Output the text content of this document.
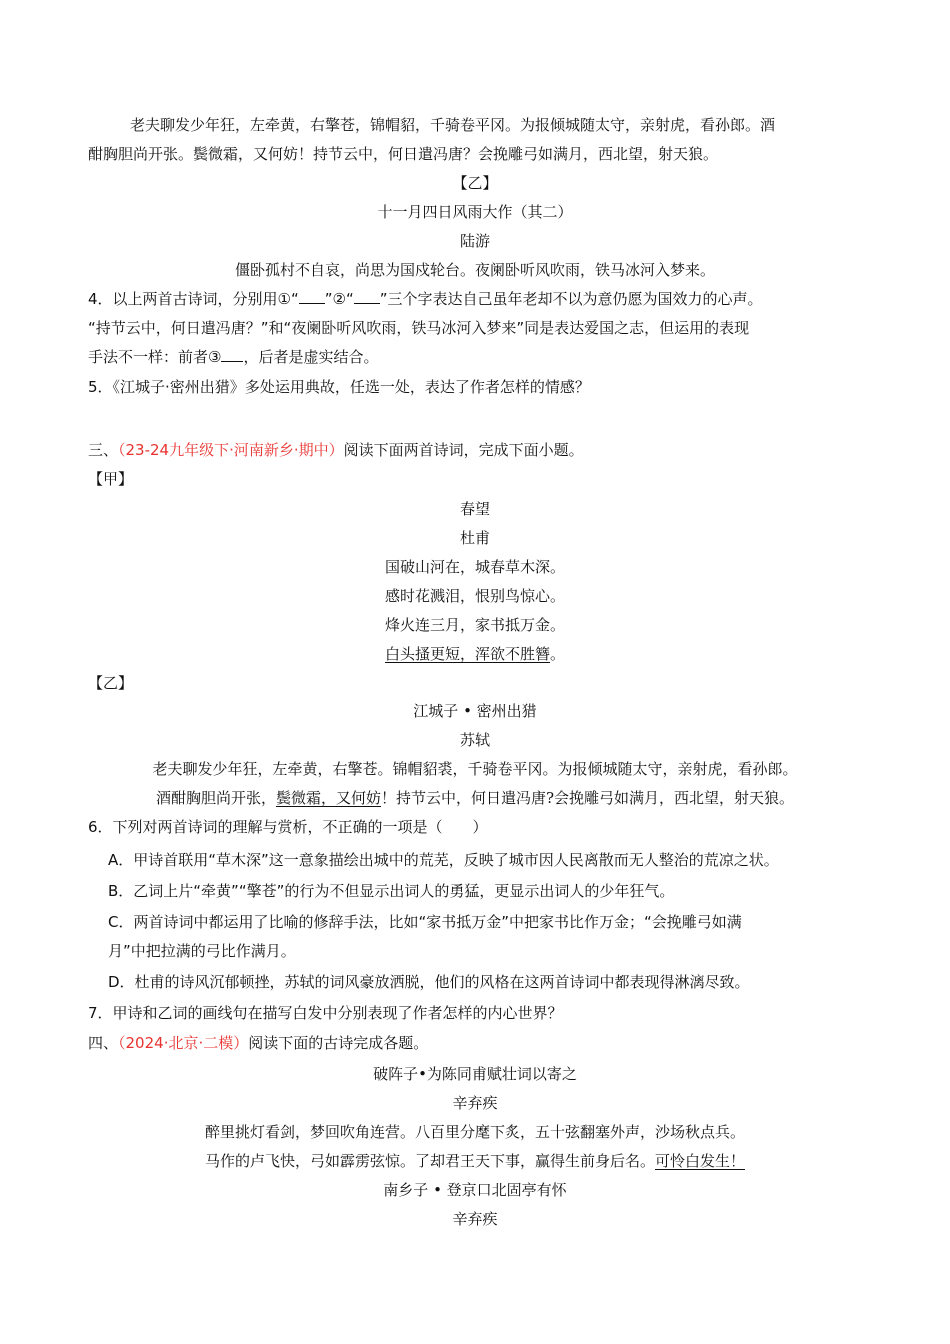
老夫聊发少年狂，左牵黄，右擎苍，锦帽貂，千骑卷平冈。为报倾城随太守，亲射虎，看孙郎。酒
酣胸胆尚开张。鬓微霜，又何妨！持节云中，何日遣冯唐？会挽雕弓如满月，西北望，射天狼。
【乙】
十一月四日风雨大作（其二）
陆游
僵卧孤村不自哀，尚思为国戍轮台。夜阑卧听风吹雨，铁马冰河入梦来。
4．以上两首古诗词，分别用①“ ”②“ ”三个字表达自己虽年老却不以为意仍愿为国效力的心声。
“持节云中，何日遣冯唐？”和“夜阑卧听风吹雨，铁马冰河入梦来”同是表达爱国之志，但运用的表现
手法不一样：前者③ ，后者是虚实结合。
5．《江城子·密州出猎》多处运用典故，任选一处，表达了作者怎样的情感？
三、（23-24九年级下·河南新乡·期中）阅读下面两首诗词，完成下面小题。
【甲】
春望
杜甫
国破山河在，城春草木深。
感时花溅泪，恨别鸟惊心。
烽火连三月，家书抵万金。
白头搔更短，浑欲不胜簪。
【乙】
江城子 • 密州出猎
苏轼
老夫聊发少年狂，左牵黄，右擎苍。锦帽貂裘，千骑卷平冈。为报倾城随太守，亲射虎，看孙郎。
酒酣胸胆尚开张，鬓微霜，又何妨！持节云中，何日遣冯唐?会挽雕弓如满月，西北望，射天狼。
6．下列对两首诗词的理解与赏析，不正确的一项是（　　）
A．甲诗首联用“草木深”这一意象描绘出城中的荒芜，反映了城市因人民离散而无人整治的荒凉之状。
B．乙词上片“牵黄”“擎苍”的行为不但显示出词人的勇猛，更显示出词人的少年狂气。
C．两首诗词中都运用了比喻的修辞手法，比如“家书抵万金”中把家书比作万金；“会挽雕弓如满
月”中把拉满的弓比作满月。
D．杜甫的诗风沉郁顿挫，苏轼的词风豪放洒脱，他们的风格在这两首诗词中都表现得淋漓尽致。
7．甲诗和乙词的画线句在描写白发中分别表现了作者怎样的内心世界？
四、（2024·北京·二模）阅读下面的古诗完成各题。
破阵子•为陈同甫赋壮词以寄之
辛弃疾
醉里挑灯看剑，梦回吹角连营。八百里分麾下炙，五十弦翻塞外声，沙场秋点兵。
马作的卢飞快，弓如霹雳弦惊。了却君王天下事，赢得生前身后名。可怜白发生！
南乡子 • 登京口北固亭有怀
辛弃疾
